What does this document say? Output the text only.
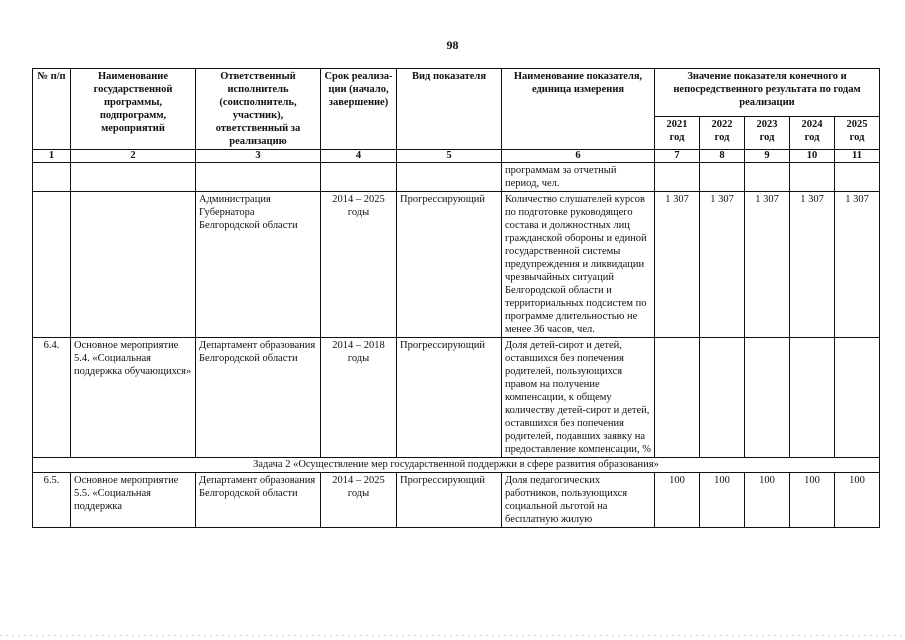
98
№ п/п	Наименование государственной программы, подпрограмм, мероприятий	Ответственный исполнитель (соисполнитель, участник), ответственный за реализацию	Срок реализа-ции (начало, завершение)	Вид показателя	Наименование показателя, единица измерения	Значение показателя конечного и непосредственного результата по годам реализации				
						2021 год	2022 год	2023 год	2024 год	2025 год
1	2	3	4	5	6	7	8	9	10	11
					программам за отчетный период, чел.					
		Администрация Губернатора Белгородской области	2014 – 2025 годы	Прогрессирующий	Количество слушателей курсов по подготовке руководящего состава и должностных лиц гражданской обороны и единой государственной системы предупреждения и ликвидации чрезвычайных ситуаций Белгородской области и территориальных подсистем по программе длительностью не менее 36 часов, чел.	1 307	1 307	1 307	1 307	1 307
6.4.	Основное мероприятие 5.4. «Социальная поддержка обучающихся»	Департамент образования Белгородской области	2014 – 2018 годы	Прогрессирующий	Доля детей-сирот и детей, оставшихся без попечения родителей, пользующихся правом на получение компенсации, к общему количеству детей-сирот и детей, оставшихся без попечения родителей, подавших заявку на предоставление компенсации, %					
Задача 2 «Осуществление мер государственной поддержки в сфере развития образования»										
6.5.	Основное мероприятие 5.5. «Социальная поддержка	Департамент образования Белгородской области	2014 – 2025 годы	Прогрессирующий	Доля педагогических работников, пользующихся социальной льготой на бесплатную жилую	100	100	100	100	100
